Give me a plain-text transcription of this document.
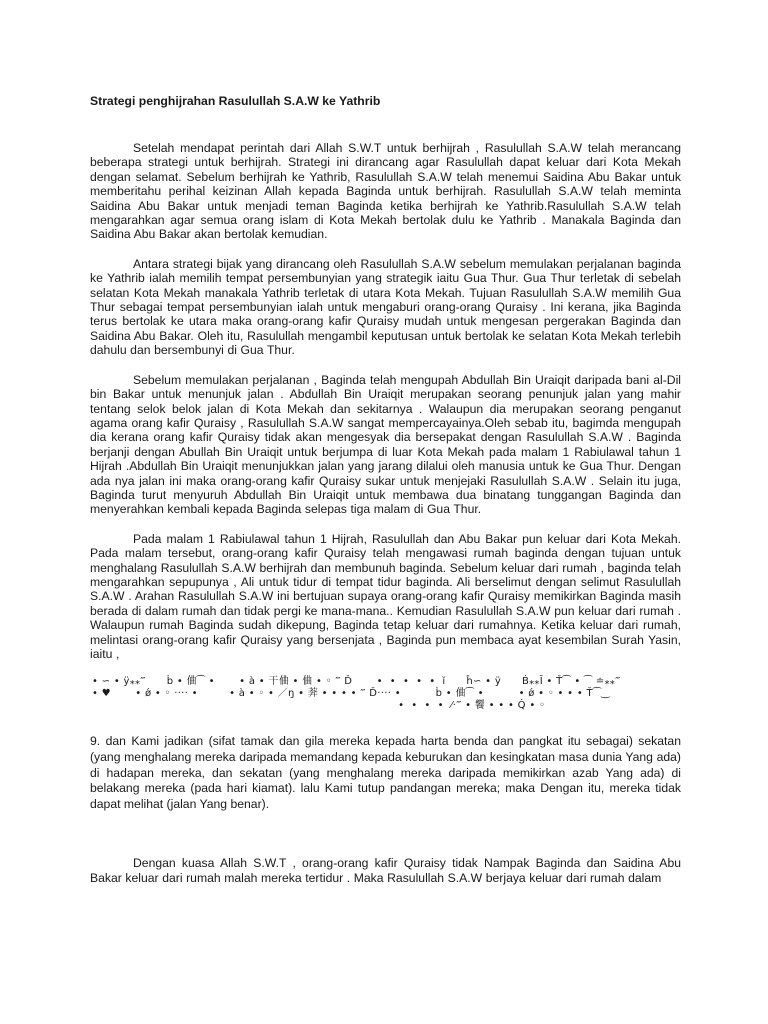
Strategi penghijrahan Rasulullah S.A.W ke Yathrib

Setelah mendapat perintah dari Allah S.W.T untuk berhijrah , Rasulullah S.A.W telah merancang beberapa strategi untuk berhijrah. Strategi ini dirancang agar Rasulullah dapat keluar dari Kota Mekah dengan selamat. Sebelum berhijrah ke Yathrib, Rasulullah S.A.W telah menemui Saidina Abu Bakar untuk memberitahu perihal keizinan Allah kepada Baginda untuk berhijrah. Rasulullah S.A.W telah meminta Saidina Abu Bakar untuk menjadi teman Baginda ketika berhijrah ke Yathrib.Rasulullah S.A.W telah mengarahkan agar semua orang islam di Kota Mekah bertolak dulu ke Yathrib . Manakala Baginda dan Saidina Abu Bakar akan bertolak kemudian.

Antara strategi bijak yang dirancang oleh Rasulullah S.A.W sebelum memulakan perjalanan baginda ke Yathrib ialah memilih tempat persembunyian yang strategik iaitu Gua Thur. Gua Thur terletak di sebelah selatan Kota Mekah manakala Yathrib terletak di utara Kota Mekah. Tujuan Rasulullah S.A.W memilih Gua Thur sebagai tempat persembunyian ialah untuk mengaburi orang-orang Quraisy . Ini kerana, jika Baginda terus bertolak ke utara maka orang-orang kafir Quraisy mudah untuk mengesan pergerakan Baginda dan Saidina Abu Bakar. Oleh itu, Rasulullah mengambil keputusan untuk bertolak ke selatan Kota Mekah terlebih dahulu dan bersembunyi di Gua Thur.

Sebelum memulakan perjalanan , Baginda telah mengupah Abdullah Bin Uraiqit daripada bani al-Dil bin Bakar untuk menunjuk jalan . Abdullah Bin Uraiqit merupakan seorang penunjuk jalan yang mahir tentang selok belok jalan di Kota Mekah dan sekitarnya . Walaupun dia merupakan seorang penganut agama orang kafir Quraisy , Rasulullah S.A.W sangat mempercayainya.Oleh sebab itu, bagimda mengupah dia kerana orang kafir Quraisy tidak akan mengesyak dia bersepakat dengan Rasulullah S.A.W . Baginda berjanji dengan Abullah Bin Uraiqit untuk berjumpa di luar Kota Mekah pada malam 1 Rabiulawal tahun 1 Hijrah .Abdullah Bin Uraiqit menunjukkan jalan yang jarang dilalui oleh manusia untuk ke Gua Thur. Dengan ada nya jalan ini maka orang-orang kafir Quraisy sukar untuk menjejaki Rasulullah S.A.W . Selain itu juga, Baginda turut menyuruh Abdullah Bin Uraiqit untuk membawa dua binatang tunggangan Baginda dan menyerahkan kembali kepada Baginda selepas tiga malam di Gua Thur.

Pada malam 1 Rabiulawal tahun 1 Hijrah, Rasulullah dan Abu Bakar pun keluar dari Kota Mekah. Pada malam tersebut, orang-orang kafir Quraisy telah mengawasi rumah baginda dengan tujuan untuk menghalang Rasulullah S.A.W berhijrah dan membunuh baginda. Sebelum keluar dari rumah , baginda telah mengarahkan sepupunya , Ali untuk tidur di tempat tidur baginda. Ali berselimut dengan selimut Rasulullah S.A.W . Arahan Rasulullah S.A.W ini bertujuan supaya orang-orang kafir Quraisy memikirkan Baginda masih berada di dalam rumah dan tidak pergi ke mana-mana.. Kemudian Rasulullah S.A.W pun keluar dari rumah . Walaupun rumah Baginda sudah dikepung, Baginda tetap keluar dari rumahnya. Ketika keluar dari rumah, melintasi orang-orang kafir Quraisy yang bersenjata , Baginda pun membaca ayat kesembilan Surah Yasin, iaitu ,

• ∽ • ÿ⁎⁎‴      ḃ • 㑋⁀ •       • à • 干㑋 • 㑋 • ◦ ‴ Ď       •  •  •  •  •  ĭ      ĥ∽ • ÿ      Ḃ⁎⁎Ī • Ť⁀ • ⁀ ≐⁎⁎‴
• ♥       • ǿ • ◦ ···· •         • à • ◦ • ／ŋ • 莾 • • • • ‴ Ď···· •          ḃ • 㑋⁀ •          • ǿ • ◦ • • • Ť⁀‿
•  •  •  •  ⁄·‴ • 饗 • • • Q̇ • ◦

9. dan Kami jadikan (sifat tamak dan gila mereka kepada harta benda dan pangkat itu sebagai) sekatan (yang menghalang mereka daripada memandang kepada keburukan dan kesingkatan masa dunia Yang ada) di hadapan mereka, dan sekatan (yang menghalang mereka daripada memikirkan azab Yang ada) di belakang mereka (pada hari kiamat). lalu Kami tutup pandangan mereka; maka Dengan itu, mereka tidak dapat melihat (jalan Yang benar).

Dengan kuasa Allah S.W.T , orang-orang kafir Quraisy tidak Nampak Baginda dan Saidina Abu Bakar keluar dari rumah malah mereka tertidur . Maka Rasulullah S.A.W berjaya keluar dari rumah dalam
